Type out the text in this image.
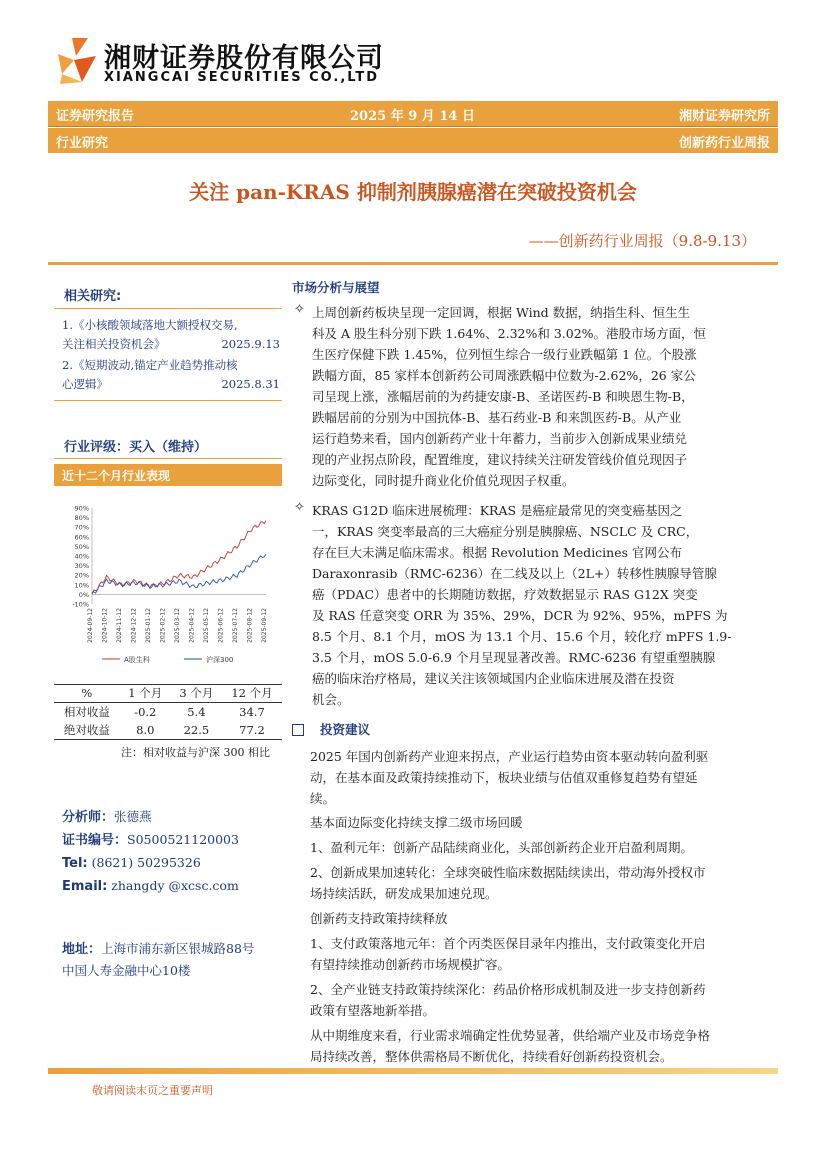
湘财证券股份有限公司
XIANGCAI SECURITIES CO.,LTD
证券研究报告	2025 年 9 月 14 日	湘财证券研究所
行业研究	创新药行业周报
关注 pan-KRAS 抑制剂胰腺癌潜在突破投资机会
——创新药行业周报（9.8-9.13）
相关研究:
1.《小核酸领域落地大额授权交易,
关注相关投资机会》	2025.9.13
2.《短期波动,锚定产业趋势推动核
心逻辑》	2025.8.31
行业评级：买入（维持）
近十二个月行业表现
90%
80%
70%
60%
50%
40%
30%
20%
10%
0%
-10%
2024-09-12 2024-10-12 2024-11-12 2024-12-12 2025-01-12 2025-02-12 2025-03-12 2025-04-12 2025-05-12 2025-06-12 2025-07-12 2025-08-12 2025-09-12
A股生科	沪深300
%	1 个月	3 个月	12 个月
相对收益	-0.2	5.4	34.7
绝对收益	8.0	22.5	77.2
注：相对收益与沪深 300 相比
分析师：张德燕
证书编号：S0500521120003
Tel: (8621) 50295326
Email: zhangdy @xcsc.com
地址：上海市浦东新区银城路88号
中国人寿金融中心10楼
市场分析与展望
上周创新药板块呈现一定回调，根据 Wind 数据，纳指生科、恒生生
科及 A 股生科分别下跌 1.64%、2.32%和 3.02%。港股市场方面，恒
生医疗保健下跌 1.45%，位列恒生综合一级行业跌幅第 1 位。个股涨
跌幅方面，85 家样本创新药公司周涨跌幅中位数为-2.62%，26 家公
司呈现上涨，涨幅居前的为药捷安康-B、圣诺医药-B 和映恩生物-B，
跌幅居前的分别为中国抗体-B、基石药业-B 和来凯医药-B。从产业
运行趋势来看，国内创新药产业十年蓄力，当前步入创新成果业绩兑
现的产业拐点阶段，配置维度，建议持续关注研发管线价值兑现因子
边际变化，同时提升商业化价值兑现因子权重。
✧
KRAS G12D 临床进展梳理：KRAS 是癌症最常见的突变癌基因之
一，KRAS 突变率最高的三大癌症分别是胰腺癌、NSCLC 及 CRC，
存在巨大未满足临床需求。根据 Revolution Medicines 官网公布
Daraxonrasib（RMC-6236）在二线及以上（2L+）转移性胰腺导管腺
癌（PDAC）患者中的长期随访数据，疗效数据显示 RAS G12X 突变
及 RAS 任意突变 ORR 为 35%、29%，DCR 为 92%、95%，mPFS 为
8.5 个月、8.1 个月，mOS 为 13.1 个月、15.6 个月，较化疗 mPFS 1.9-
3.5 个月，mOS 5.0-6.9 个月呈现显著改善。RMC-6236 有望重塑胰腺
癌的临床治疗格局，建议关注该领域国内企业临床进展及潜在投资
机会。
✧
投资建议
2025 年国内创新药产业迎来拐点，产业运行趋势由资本驱动转向盈利驱
动，在基本面及政策持续推动下，板块业绩与估值双重修复趋势有望延
续。
基本面边际变化持续支撑二级市场回暖
1、盈利元年：创新产品陆续商业化，头部创新药企业开启盈利周期。
2、创新成果加速转化：全球突破性临床数据陆续读出，带动海外授权市
场持续活跃，研发成果加速兑现。
创新药支持政策持续释放
1、支付政策落地元年：首个丙类医保目录年内推出，支付政策变化开启
有望持续推动创新药市场规模扩容。
2、全产业链支持政策持续深化：药品价格形成机制及进一步支持创新药
政策有望落地新举措。
从中期维度来看，行业需求端确定性优势显著，供给端产业及市场竞争格
局持续改善，整体供需格局不断优化，持续看好创新药投资机会。
敬请阅读末页之重要声明
